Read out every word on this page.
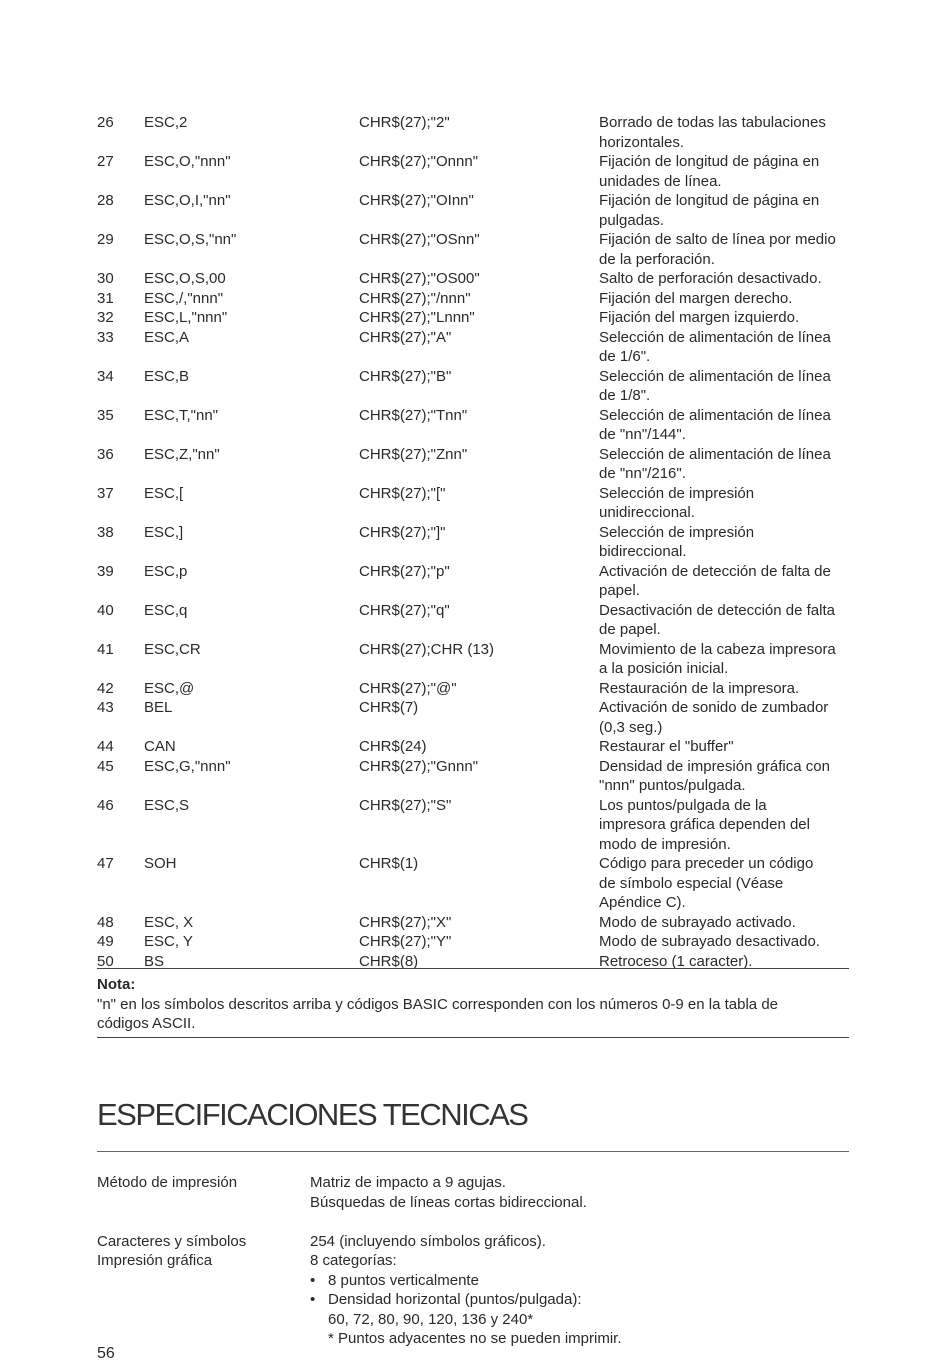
26	ESC,2	CHR$(27);"2"	Borrado de todas las tabulaciones
horizontales.
27	ESC,O,"nnn"	CHR$(27);"Onnn"	Fijación de longitud de página en
unidades de línea.
28	ESC,O,I,"nn"	CHR$(27);"OInn"	Fijación de longitud de página en
pulgadas.
29	ESC,O,S,"nn"	CHR$(27);"OSnn"	Fijación de salto de línea por medio
de la perforación.
30	ESC,O,S,00	CHR$(27);"OS00"	Salto de perforación desactivado.
31	ESC,/,"nnn"	CHR$(27);"/nnn"	Fijación del margen derecho.
32	ESC,L,"nnn"	CHR$(27);"Lnnn"	Fijación del margen izquierdo.
33	ESC,A	CHR$(27);"A"	Selección de alimentación de línea
de 1/6".
34	ESC,B	CHR$(27);"B"	Selección de alimentación de línea
de 1/8".
35	ESC,T,"nn"	CHR$(27);"Tnn"	Selección de alimentación de línea
de "nn"/144".
36	ESC,Z,"nn"	CHR$(27);"Znn"	Selección de alimentación de línea
de "nn"/216".
37	ESC,[	CHR$(27);"["	Selección de impresión
unidireccional.
38	ESC,]	CHR$(27);"]"	Selección de impresión
bidireccional.
39	ESC,p	CHR$(27);"p"	Activación de detección de falta de
papel.
40	ESC,q	CHR$(27);"q"	Desactivación de detección de falta
de papel.
41	ESC,CR	CHR$(27);CHR (13)	Movimiento de la cabeza impresora
a la posición inicial.
42	ESC,@	CHR$(27);"@"	Restauración de la impresora.
43	BEL	CHR$(7)	Activación de sonido de zumbador
(0,3 seg.)
44	CAN	CHR$(24)	Restaurar el "buffer"
45	ESC,G,"nnn"	CHR$(27);"Gnnn"	Densidad de impresión gráfica con
"nnn" puntos/pulgada.
46	ESC,S	CHR$(27);"S"	Los puntos/pulgada de la
impresora gráfica dependen del
modo de impresión.
47	SOH	CHR$(1)	Código para preceder un código
de símbolo especial (Véase
Apéndice C).
48	ESC, X	CHR$(27);"X"	Modo de subrayado activado.
49	ESC, Y	CHR$(27);"Y"	Modo de subrayado desactivado.
50	BS	CHR$(8)	Retroceso (1 caracter).
Nota:
"n" en los símbolos descritos arriba y códigos BASIC corresponden con los números 0-9 en la tabla de
códigos ASCII.
ESPECIFICACIONES TECNICAS
Método de impresión	Matriz de impacto a 9 agujas.
Búsquedas de líneas cortas bidireccional.
Caracteres y símbolos	254 (incluyendo símbolos gráficos).
Impresión gráfica	8 categorías:
• 8 puntos verticalmente
• Densidad horizontal (puntos/pulgada):
60, 72, 80, 90, 120, 136 y 240*
* Puntos adyacentes no se pueden imprimir.
56
